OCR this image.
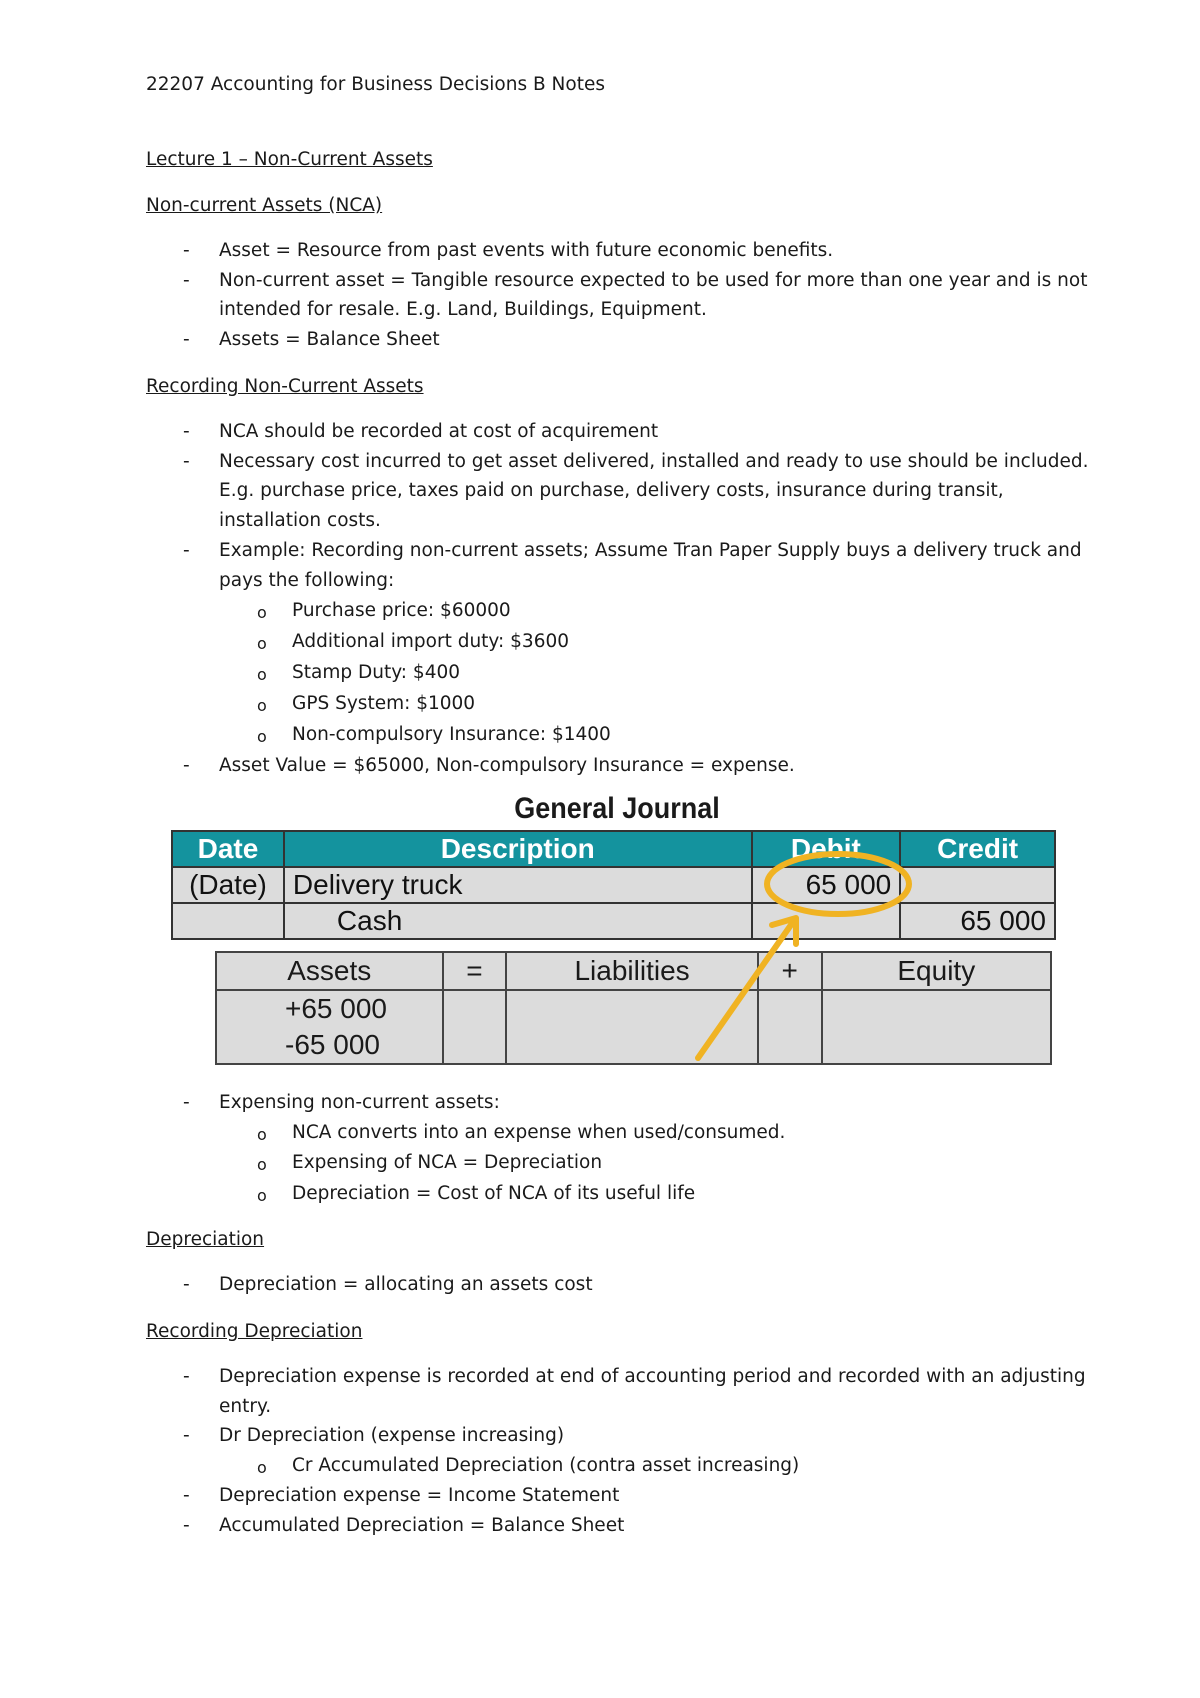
22207 Accounting for Business Decisions B Notes
Lecture 1 – Non-Current Assets
Non-current Assets (NCA)
- Asset = Resource from past events with future economic benefits.
- Non-current asset = Tangible resource expected to be used for more than one year and is not
intended for resale. E.g. Land, Buildings, Equipment.
- Assets = Balance Sheet
Recording Non-Current Assets
- NCA should be recorded at cost of acquirement
- Necessary cost incurred to get asset delivered, installed and ready to use should be included.
E.g. purchase price, taxes paid on purchase, delivery costs, insurance during transit,
installation costs.
- Example: Recording non-current assets; Assume Tran Paper Supply buys a delivery truck and
pays the following:
o Purchase price: $60000
o Additional import duty: $3600
o Stamp Duty: $400
o GPS System: $1000
o Non-compulsory Insurance: $1400
- Asset Value = $65000, Non-compulsory Insurance = expense.
General Journal
Date	Description	Debit	Credit
(Date)	Delivery truck	65 000	
	Cash		65 000
Assets	=	Liabilities	+	Equity

+65 000
-65 000				

- Expensing non-current assets:
o NCA converts into an expense when used/consumed.
o Expensing of NCA = Depreciation
o Depreciation = Cost of NCA of its useful life
Depreciation
- Depreciation = allocating an assets cost
Recording Depreciation
- Depreciation expense is recorded at end of accounting period and recorded with an adjusting
entry.
- Dr Depreciation (expense increasing)
o Cr Accumulated Depreciation (contra asset increasing)
- Depreciation expense = Income Statement
- Accumulated Depreciation = Balance Sheet
